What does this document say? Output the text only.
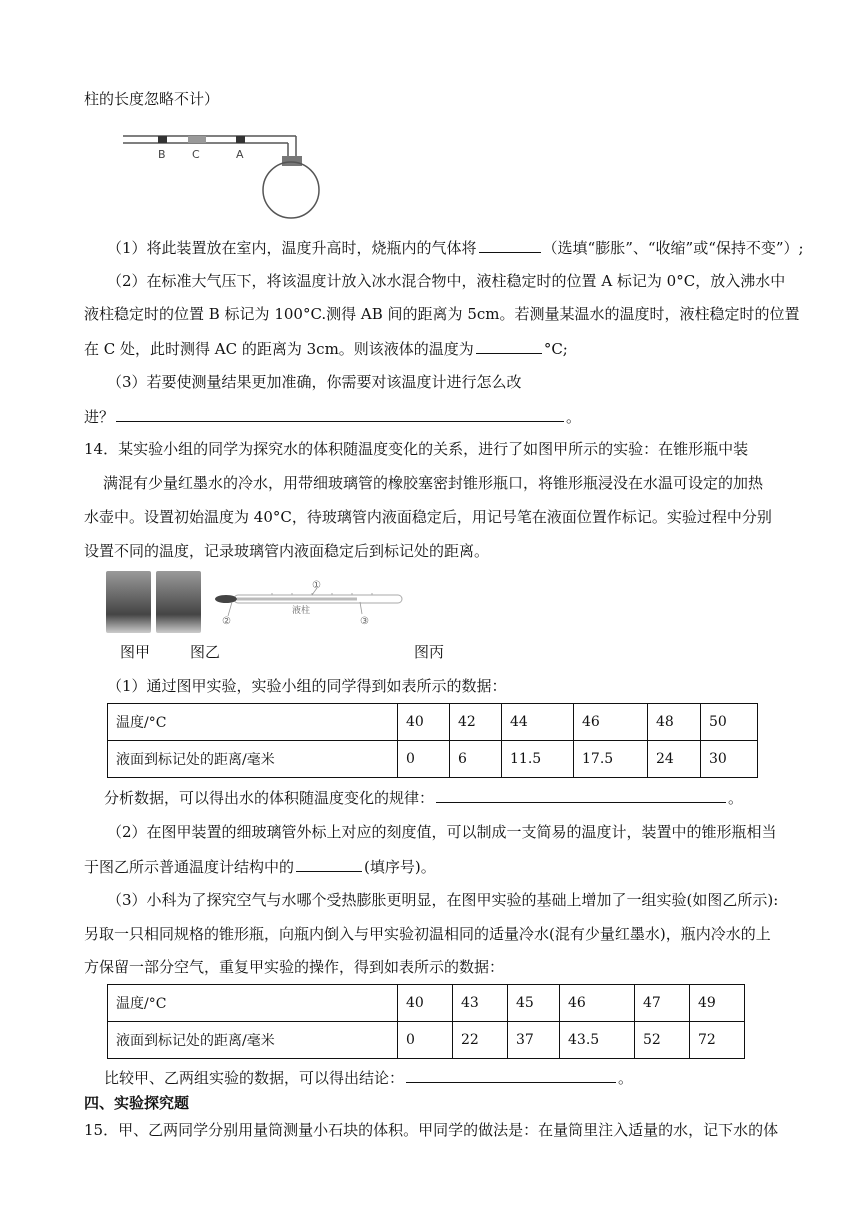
柱的长度忽略不计）
B C	A
（1）将此装置放在室内，温度升高时，烧瓶内的气体将	（选填“膨胀”、“收缩”或“保持不变”）;
（2）在标准大气压下，将该温度计放入冰水混合物中，液柱稳定时的位置 A 标记为 0°C，放入沸水中
液柱稳定时的位置 B 标记为 100°C.测得 AB 间的距离为 5cm。若测量某温水的温度时，液柱稳定时的位置
在 C 处，此时测得 AC 的距离为 3cm。则该液体的温度为	°C;
（3）若要使测量结果更加准确，你需要对该温度计进行怎么改
进？	。
14．某实验小组的同学为探究水的体积随温度变化的关系，进行了如图甲所示的实验：在锥形瓶中装
满混有少量红墨水的冷水，用带细玻璃管的橡胶塞密封锥形瓶口，将锥形瓶浸没在水温可设定的加热
水壶中。设置初始温度为 40°C，待玻璃管内液面稳定后，用记号笔在液面位置作标记。实验过程中分别
设置不同的温度，记录玻璃管内液面稳定后到标记处的距离。
①
②	③
液柱
图甲	图乙	图丙
（1）通过图甲实验，实验小组的同学得到如表所示的数据：
温度/°C	40	42	44	46	48	50
液面到标记处的距离/毫米	0	6	11.5	17.5	24	30
分析数据，可以得出水的体积随温度变化的规律：	。
（2）在图甲装置的细玻璃管外标上对应的刻度值，可以制成一支简易的温度计，装置中的锥形瓶相当
于图乙所示普通温度计结构中的	(填序号)。
（3）小科为了探究空气与水哪个受热膨胀更明显，在图甲实验的基础上增加了一组实验(如图乙所示):
另取一只相同规格的锥形瓶，向瓶内倒入与甲实验初温相同的适量冷水(混有少量红墨水)，瓶内冷水的上
方保留一部分空气，重复甲实验的操作，得到如表所示的数据：
温度/°C	40	43	45	46	47	49
液面到标记处的距离/毫米	0	22	37	43.5	52	72
比较甲、乙两组实验的数据，可以得出结论：	。
四、实验探究题
15．甲、乙两同学分别用量筒测量小石块的体积。甲同学的做法是：在量筒里注入适量的水，记下水的体
